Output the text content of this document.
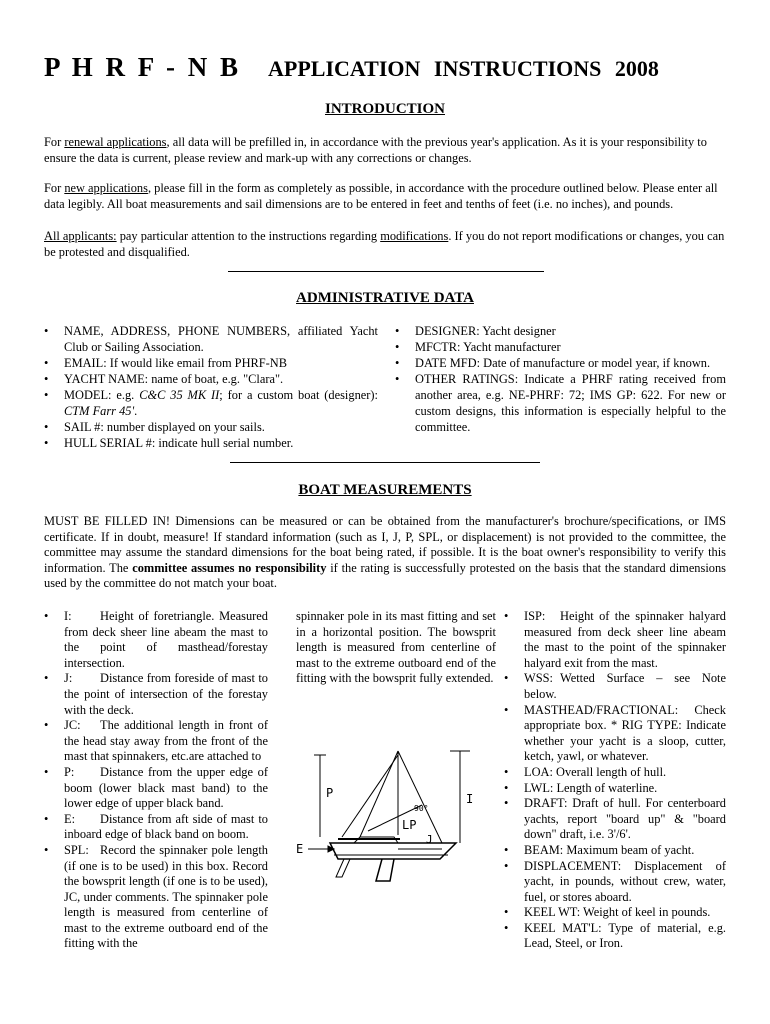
P H R F - N B APPLICATION INSTRUCTIONS 2008
INTRODUCTION
For renewal applications, all data will be prefilled in, in accordance with the previous year's application. As it is your responsibility to ensure the data is current, please review and mark-up with any corrections or changes.
For new applications, please fill in the form as completely as possible, in accordance with the procedure outlined below. Please enter all data legibly. All boat measurements and sail dimensions are to be entered in feet and tenths of feet (i.e. no inches), and pounds.
All applicants: pay particular attention to the instructions regarding modifications. If you do not report modifications or changes, you can be protested and disqualified.
ADMINISTRATIVE DATA
• NAME, ADDRESS, PHONE NUMBERS, affiliated Yacht Club or Sailing Association.
• EMAIL: If would like email from PHRF-NB
• YACHT NAME: name of boat, e.g. "Clara".
• MODEL: e.g. C&C 35 MK II; for a custom boat (designer): CTM Farr 45'.
• SAIL #: number displayed on your sails.
• HULL SERIAL #: indicate hull serial number.
• DESIGNER: Yacht designer
• MFCTR: Yacht manufacturer
• DATE MFD: Date of manufacture or model year, if known.
• OTHER RATINGS: Indicate a PHRF rating received from another area, e.g. NE-PHRF: 72; IMS GP: 622. For new or custom designs, this information is especially helpful to the committee.
BOAT MEASUREMENTS
MUST BE FILLED IN! Dimensions can be measured or can be obtained from the manufacturer's brochure/specifications, or IMS certificate. If in doubt, measure! If standard information (such as I, J, P, SPL, or displacement) is not provided to the committee, the committee may assume the standard dimensions for the boat being rated, if possible. It is the boat owner's responsibility to verify this information. The committee assumes no responsibility if the rating is successfully protested on the basis that the standard dimensions used by the committee do not match your boat.
• I: Height of foretriangle. Measured from deck sheer line abeam the mast to the point of masthead/forestay intersection.
• J: Distance from foreside of mast to the point of intersection of the forestay with the deck.
• JC: The additional length in front of the head stay away from the front of the mast that spinnakers, etc.are attached to
• P: Distance from the upper edge of boom (lower black mast band) to the lower edge of upper black band.
• E: Distance from aft side of mast to inboard edge of black band on boom.
• SPL: Record the spinnaker pole length (if one is to be used) in this box. Record the bowsprit length (if one is to be used), JC, under comments. The spinnaker pole length is measured from centerline of mast to the extreme outboard end of the fitting with the
spinnaker pole in its mast fitting and set in a horizontal position. The bowsprit length is measured from centerline of mast to the extreme outboard end of the fitting with the bowsprit fully extended.
P	I
LP
J
E
90°
• ISP: Height of the spinnaker halyard measured from deck sheer line abeam the mast to the point of the spinnaker halyard exit from the mast.
• WSS: Wetted Surface – see Note below.
• MASTHEAD/FRACTIONAL: Check appropriate box. * RIG TYPE: Indicate whether your yacht is a sloop, cutter, ketch, yawl, or whatever.
• LOA: Overall length of hull.
• LWL: Length of waterline.
• DRAFT: Draft of hull. For centerboard yachts, report "board up" & "board down" draft, i.e. 3'/6'.
• BEAM: Maximum beam of yacht.
• DISPLACEMENT: Displacement of yacht, in pounds, without crew, water, fuel, or stores aboard.
• KEEL WT: Weight of keel in pounds.
• KEEL MAT'L: Type of material, e.g. Lead, Steel, or Iron.
